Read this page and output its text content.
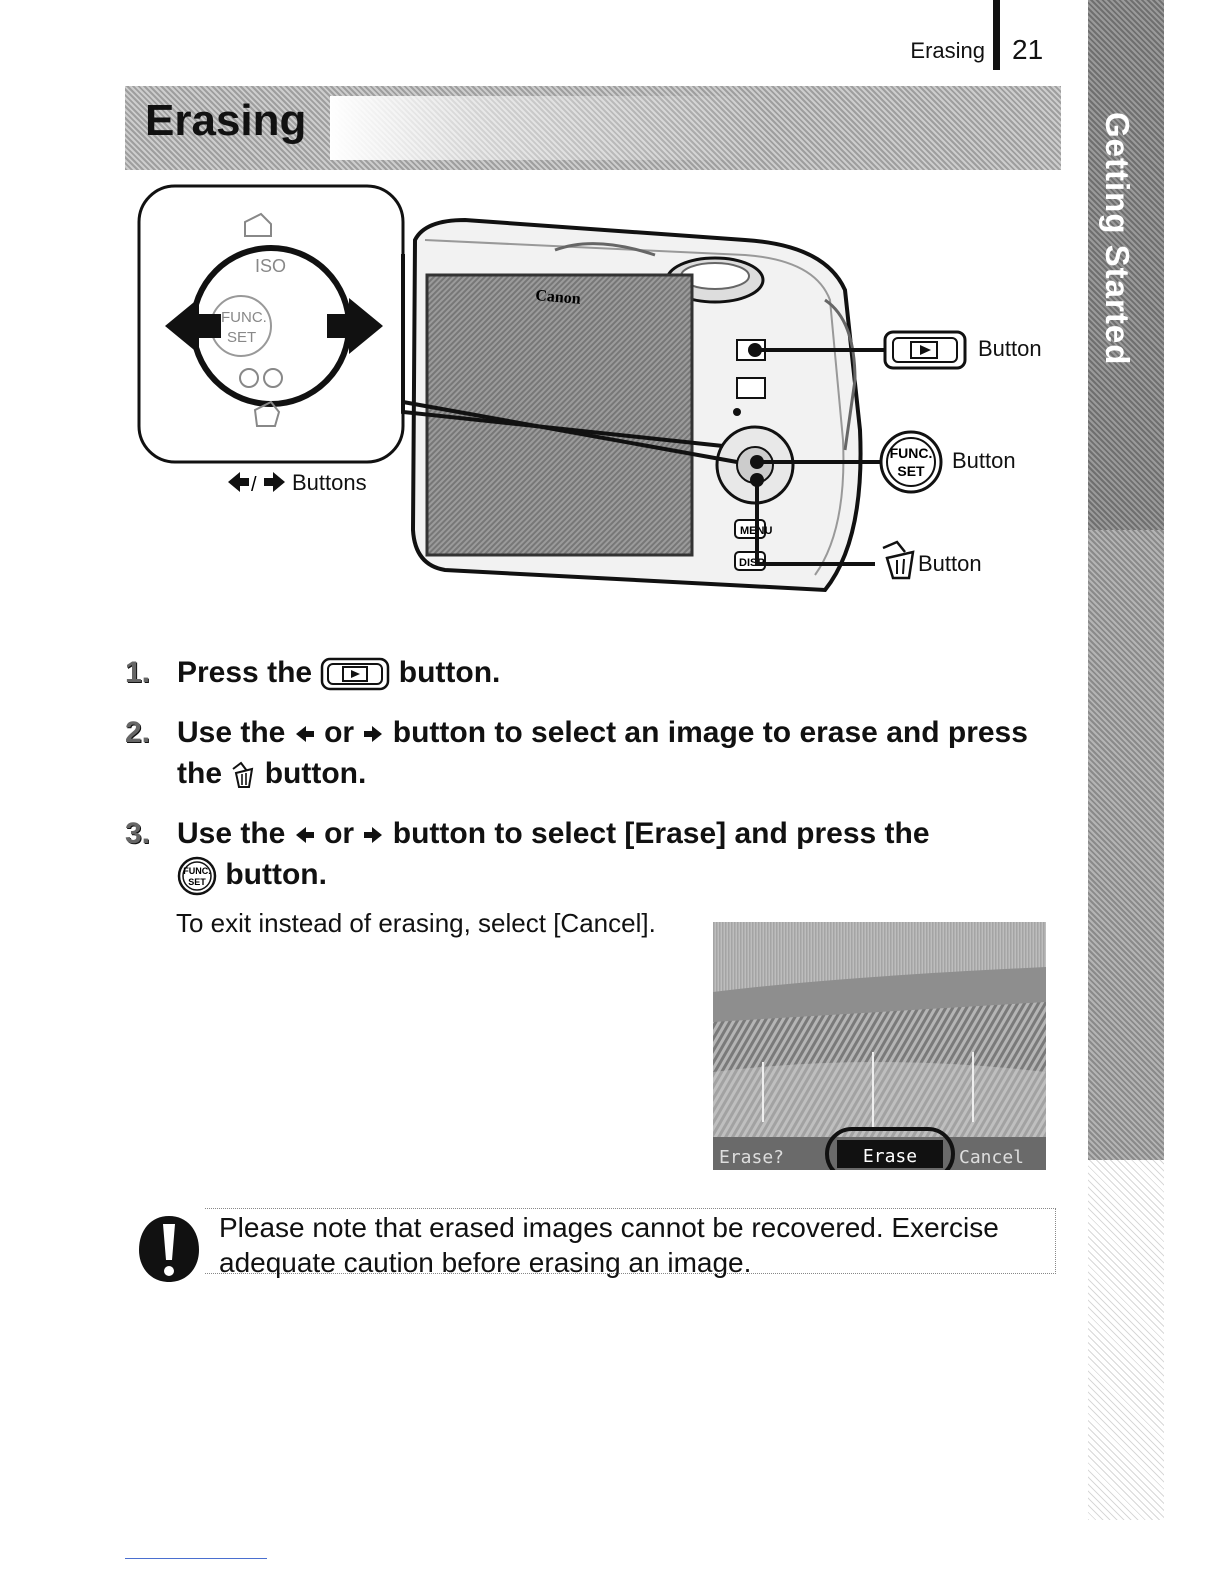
Erasing 21
Getting Started
Erasing
MENU
DISP.
Canon
FUNC.
SET
ISO
FUNC.
SET
/
Button
Button
Button
Buttons
1. Press the	button.
2. Use the or button to select an image to erase and press the button.
3. Use the or button to select [Erase] and press the

FUNC.
SET button.
To exit instead of erasing, select [Cancel].
Erase?	Erase Cancel
Please note that erased images cannot be recovered. Exercise adequate caution before erasing an image.
